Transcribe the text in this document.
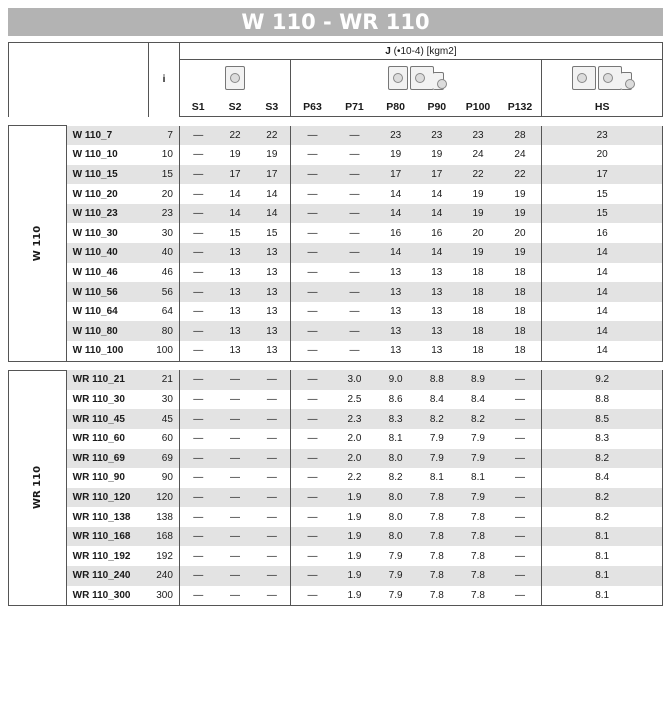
W 110 - WR 110
		i	J (•10-4) [kgm2]									

			S1	S2	S3	P63	P71	P80	P90	P100	P132	HS

W 110	W 110_7	7	—	22	22	—	—	23	23	23	28	23
	W 110_10	10	—	19	19	—	—	19	19	24	24	20
	W 110_15	15	—	17	17	—	—	17	17	22	22	17
	W 110_20	20	—	14	14	—	—	14	14	19	19	15
	W 110_23	23	—	14	14	—	—	14	14	19	19	15
	W 110_30	30	—	15	15	—	—	16	16	20	20	16
	W 110_40	40	—	13	13	—	—	14	14	19	19	14
	W 110_46	46	—	13	13	—	—	13	13	18	18	14
	W 110_56	56	—	13	13	—	—	13	13	18	18	14
	W 110_64	64	—	13	13	—	—	13	13	18	18	14
	W 110_80	80	—	13	13	—	—	13	13	18	18	14
	W 110_100	100	—	13	13	—	—	13	13	18	18	14

WR 110	WR 110_21	21	—	—	—	—	3.0	9.0	8.8	8.9	—	9.2
	WR 110_30	30	—	—	—	—	2.5	8.6	8.4	8.4	—	8.8
	WR 110_45	45	—	—	—	—	2.3	8.3	8.2	8.2	—	8.5
	WR 110_60	60	—	—	—	—	2.0	8.1	7.9	7.9	—	8.3
	WR 110_69	69	—	—	—	—	2.0	8.0	7.9	7.9	—	8.2
	WR 110_90	90	—	—	—	—	2.2	8.2	8.1	8.1	—	8.4
	WR 110_120	120	—	—	—	—	1.9	8.0	7.8	7.9	—	8.2
	WR 110_138	138	—	—	—	—	1.9	8.0	7.8	7.8	—	8.2
	WR 110_168	168	—	—	—	—	1.9	8.0	7.8	7.8	—	8.1
	WR 110_192	192	—	—	—	—	1.9	7.9	7.8	7.8	—	8.1
	WR 110_240	240	—	—	—	—	1.9	7.9	7.8	7.8	—	8.1
	WR 110_300	300	—	—	—	—	1.9	7.9	7.8	7.8	—	8.1
